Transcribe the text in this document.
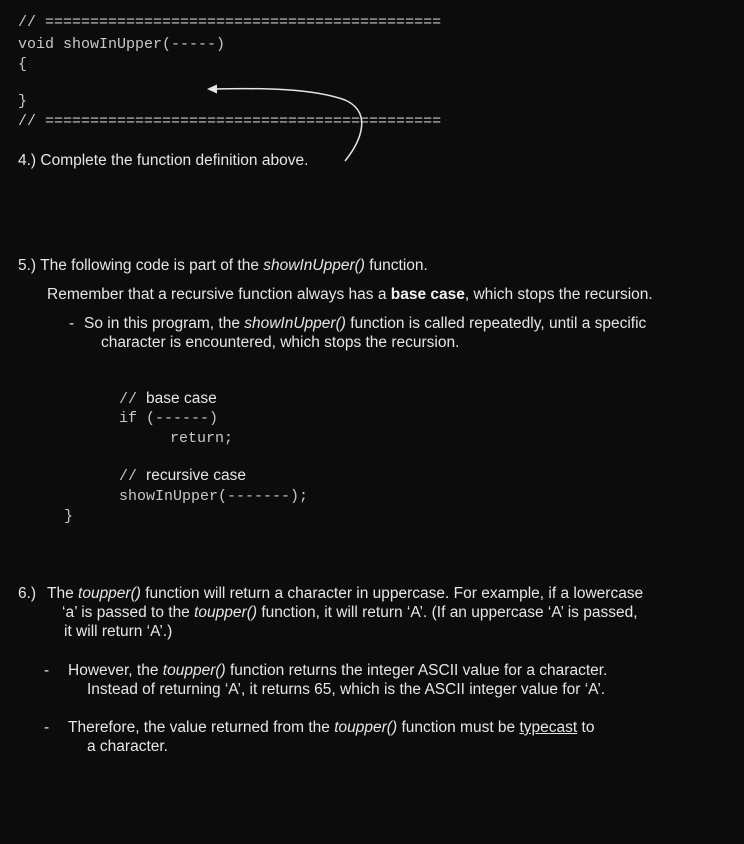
// ============================================
void showInUpper(-----)
{
}
// ============================================
4.) Complete the function definition above.
5.) The following code is part of the showInUpper() function.
Remember that a recursive function always has a base case, which stops the recursion.
- So in this program, the showInUpper() function is called repeatedly, until a specific
character is encountered, which stops the recursion.
// base case
if (------)
return;
// recursive case
showInUpper(-------);
}
6.) The toupper() function will return a character in uppercase. For example, if a lowercase
‘a’ is passed to the toupper() function, it will return ‘A’. (If an uppercase ‘A’ is passed,
it will return ‘A’.)
- However, the toupper() function returns the integer ASCII value for a character.
Instead of returning ‘A’, it returns 65, which is the ASCII integer value for ‘A’.
- Therefore, the value returned from the toupper() function must be typecast to
a character.
